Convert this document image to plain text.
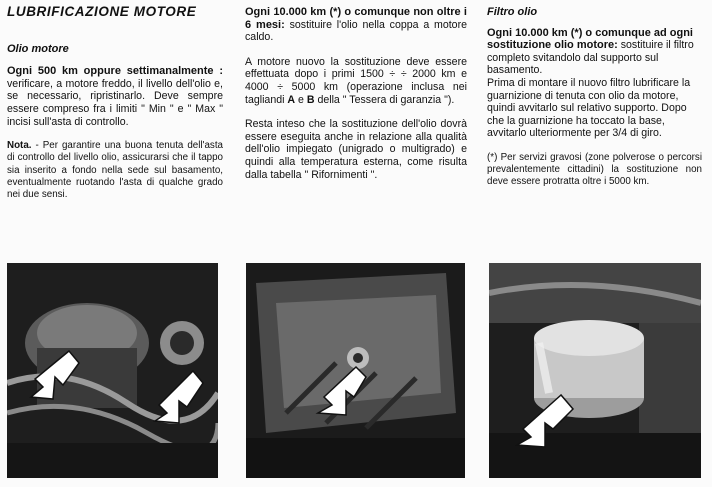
LUBRIFICAZIONE MOTORE

Olio motore

Ogni 500 km oppure settimanalmente : verificare, a motore freddo, il livello dell'olio e, se necessario, ripristinarlo. Deve sempre essere compreso fra i limiti " Min " e " Max " incisi sull'asta di controllo.

Nota. - Per garantire una buona tenuta dell'asta di controllo del livello olio, assicurarsi che il tappo sia inserito a fondo nella sede sul basamento, eventualmente ruotando l'asta di qualche grado nei due sensi.

Ogni 10.000 km (*) o comunque non oltre i 6 mesi: sostituire l'olio nella coppa a motore caldo.

A motore nuovo la sostituzione deve essere effettuata dopo i primi 1500 ÷ ÷ 2000 km e 4000 ÷ 5000 km (operazione inclusa nei tagliandi A e B della " Tessera di garanzia ").

Resta inteso che la sostituzione dell'olio dovrà essere eseguita anche in relazione alla qualità dell'olio impiegato (unigrado o multigrado) e quindi alla temperatura esterna, come risulta dalla tabella " Rifornimenti ".

Filtro olio

Ogni 10.000 km (*) o comunque ad ogni sostituzione olio motore: sostituire il filtro completo svitandolo dal supporto sul basamento.

Prima di montare il nuovo filtro lubrificare la guarnizione di tenuta con olio da motore, quindi avvitarlo sul relativo supporto. Dopo che la guarnizione ha toccato la base, avvitarlo ulteriormente per 3/4 di giro.

(*) Per servizi gravosi (zone polverose o percorsi prevalentemente cittadini) la sostituzione non deve essere protratta oltre i 5000 km.
